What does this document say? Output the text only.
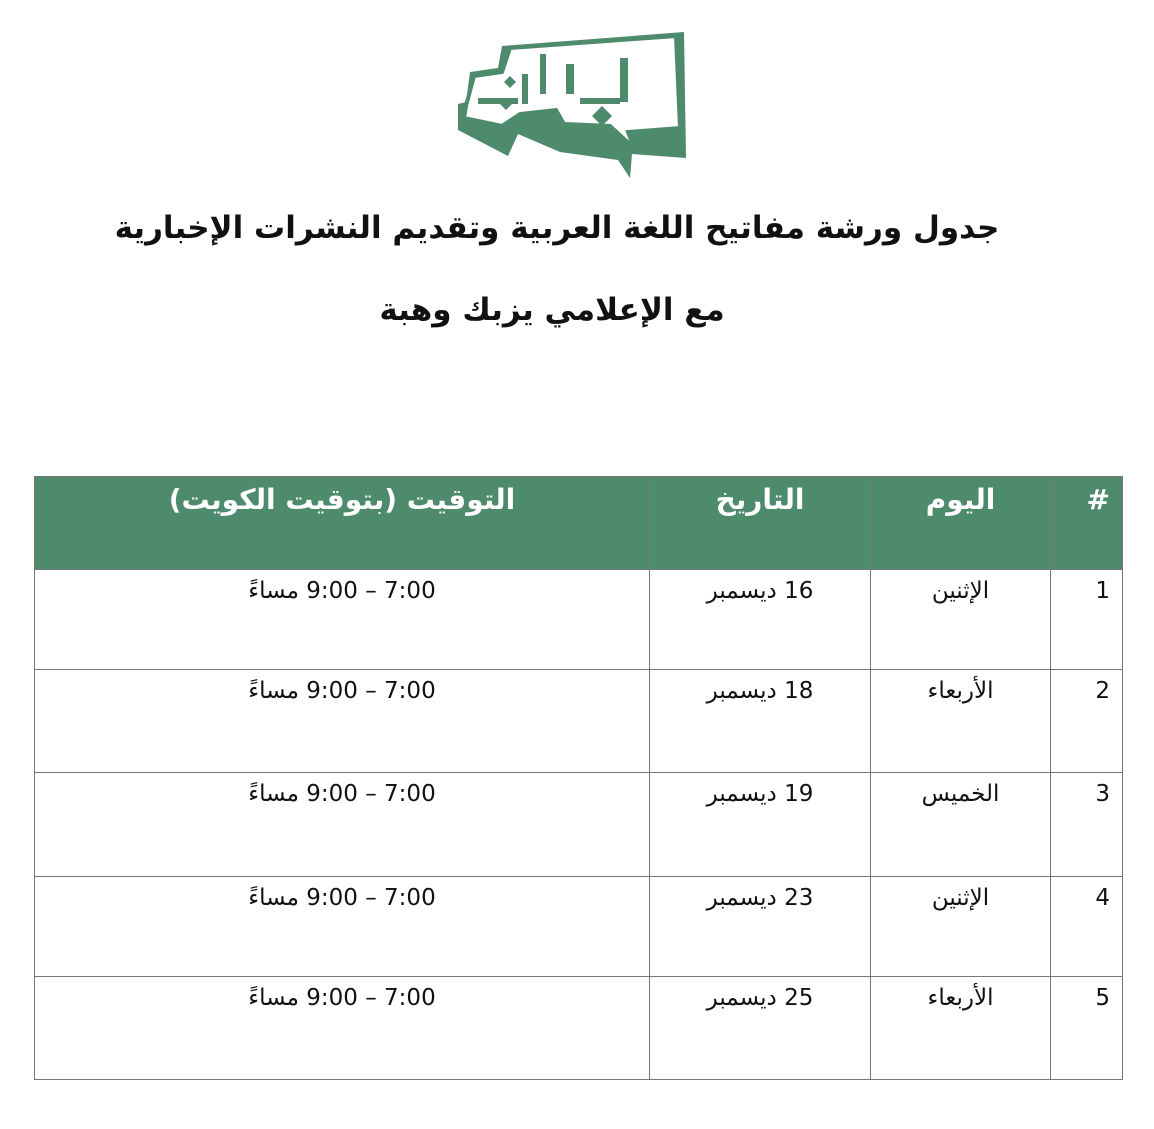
جدول ورشة مفاتيح اللغة العربية وتقديم النشرات الإخبارية
مع الإعلامي يزبك وهبة
#	اليوم	التاريخ	التوقيت (بتوقيت الكويت)
1	الإثنين	16 ديسمبر	7:00 – 9:00 مساءً
2	الأربعاء	18 ديسمبر	7:00 – 9:00 مساءً
3	الخميس	19 ديسمبر	7:00 – 9:00 مساءً
4	الإثنين	23 ديسمبر	7:00 – 9:00 مساءً
5	الأربعاء	25 ديسمبر	7:00 – 9:00 مساءً
